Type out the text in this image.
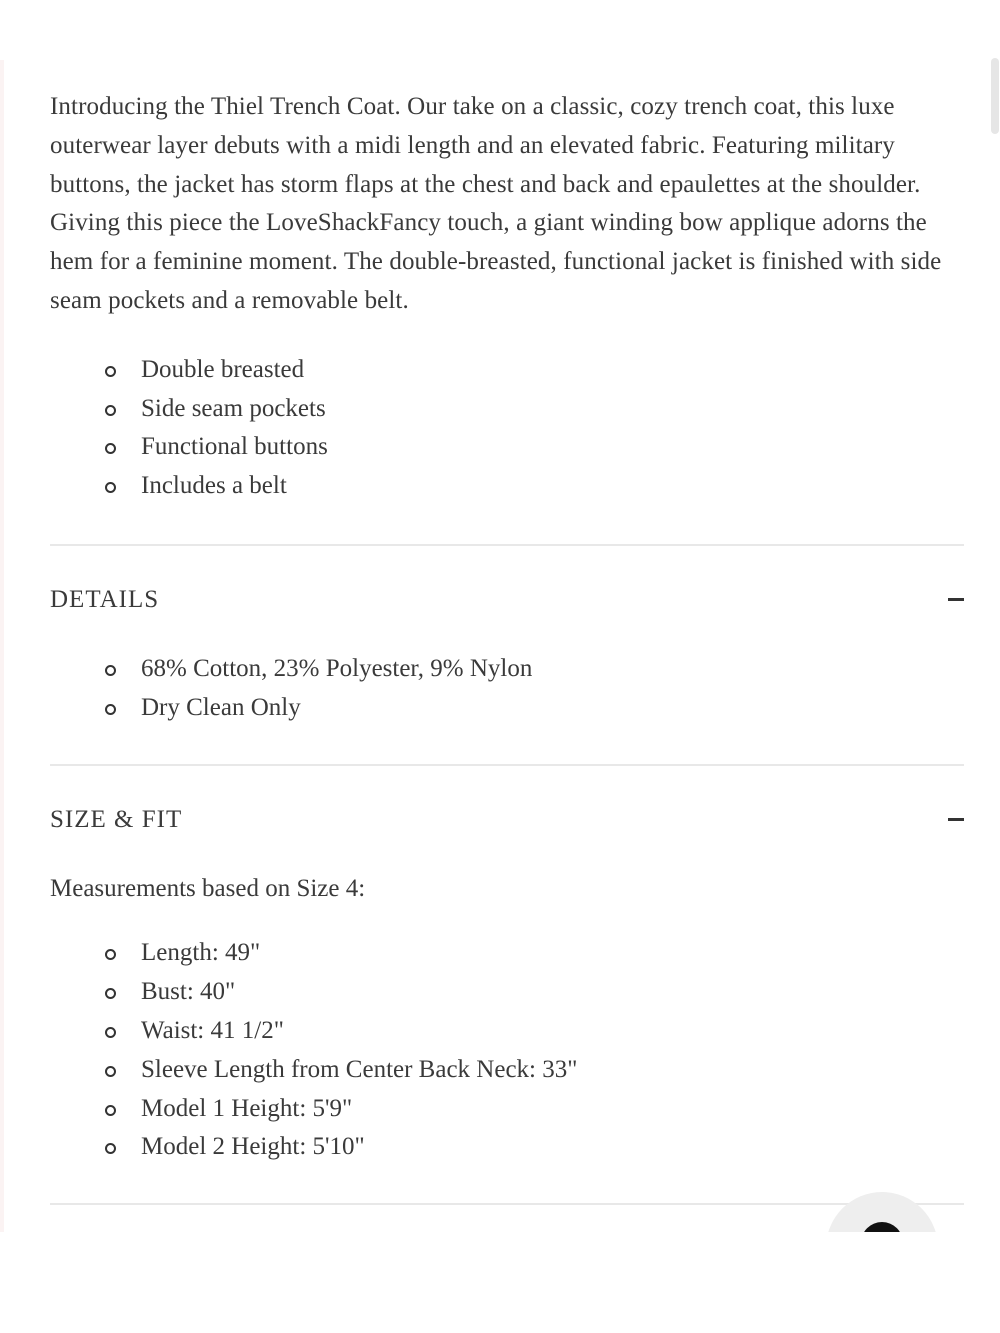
Introducing the Thiel Trench Coat. Our take on a classic, cozy trench coat, this luxe outerwear layer debuts with a midi length and an elevated fabric. Featuring military buttons, the jacket has storm flaps at the chest and back and epaulettes at the shoulder. Giving this piece the LoveShackFancy touch, a giant winding bow applique adorns the hem for a feminine moment. The double-breasted, functional jacket is finished with side seam pockets and a removable belt.

Double breasted
Side seam pockets
Functional buttons
Includes a belt
DETAILS
68% Cotton, 23% Polyester, 9% Nylon
Dry Clean Only
SIZE & FIT

Measurements based on Size 4:

Length: 49"
Bust: 40"
Waist: 41 1/2"
Sleeve Length from Center Back Neck: 33"
Model 1 Height: 5'9"
Model 2 Height: 5'10"
